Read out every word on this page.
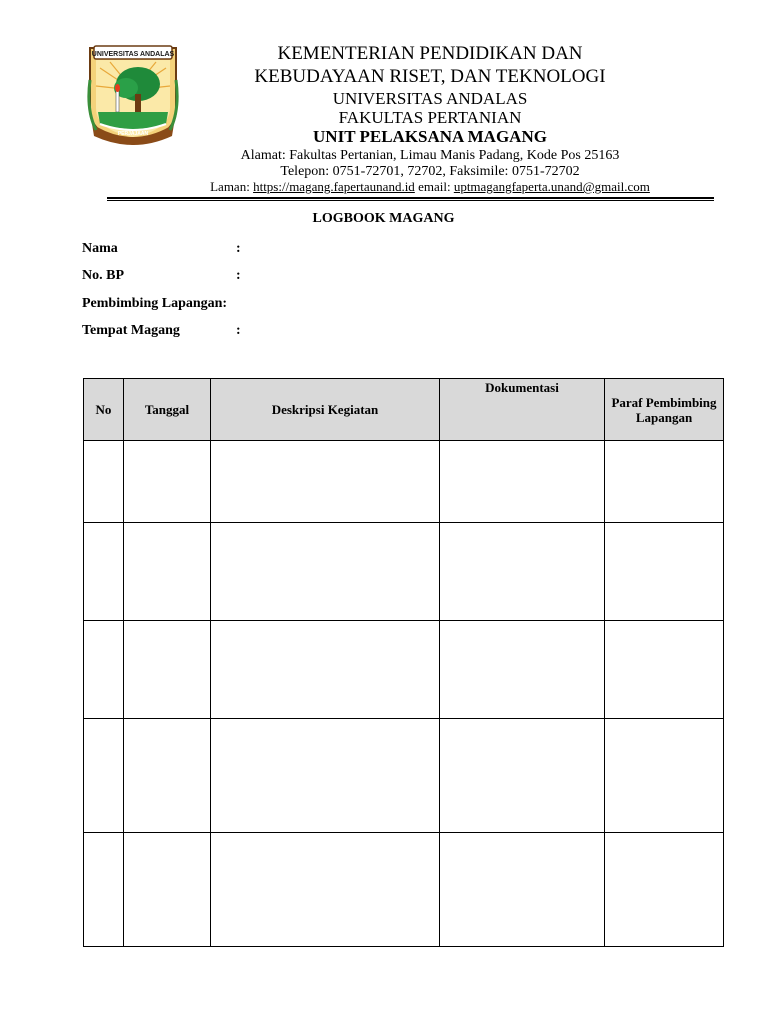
UNIVERSITAS ANDALAS
PERJAJAAN
KEMENTERIAN PENDIDIKAN DAN
KEBUDAYAAN RISET, DAN TEKNOLOGI
UNIVERSITAS ANDALAS
FAKULTAS PERTANIAN
UNIT PELAKSANA MAGANG
Alamat: Fakultas Pertanian, Limau Manis Padang, Kode Pos 25163
Telepon: 0751-72701, 72702, Faksimile: 0751-72702
Laman: https://magang.fapertaunand.id email: uptmagangfaperta.unand@gmail.com
LOGBOOK MAGANG
Nama	:
No. BP	:
Pembimbing Lapangan:
Tempat Magang	:
No	Tanggal	Deskripsi Kegiatan	Dokumentasi	Paraf Pembimbing Lapangan
